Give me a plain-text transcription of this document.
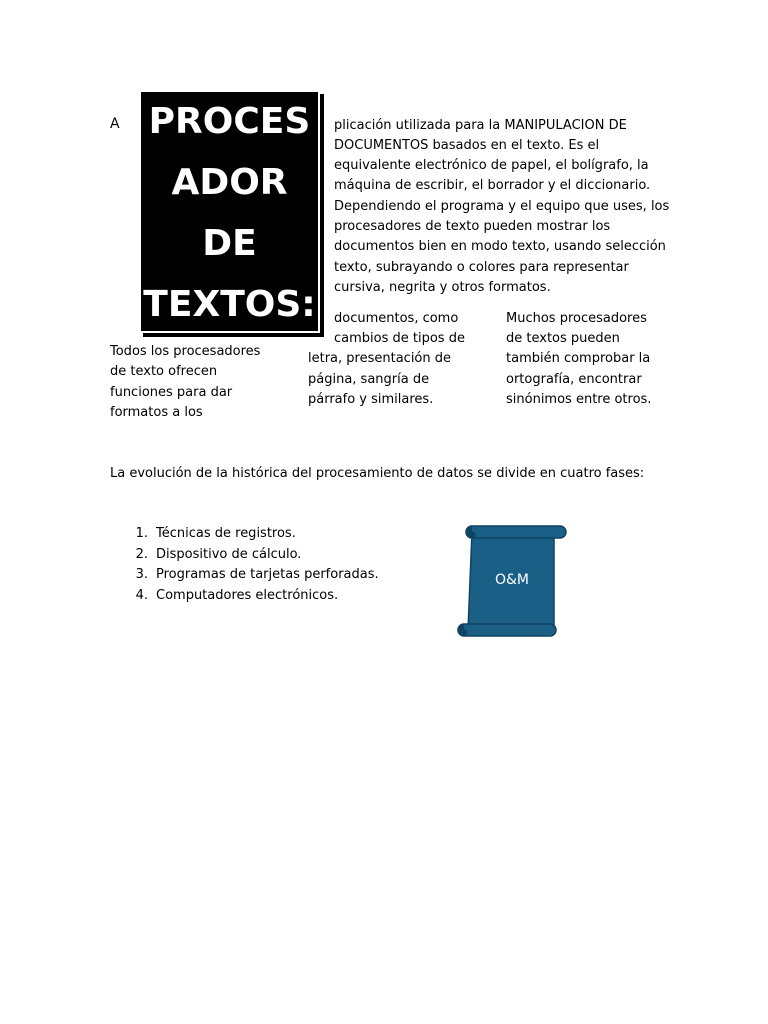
A PROCES
ADOR
DE
TEXTOS:
plicación utilizada para la MANIPULACION DE
DOCUMENTOS basados en el texto. Es el
equivalente electrónico de papel, el bolígrafo, la
máquina de escribir, el borrador y el diccionario.
Dependiendo el programa y el equipo que uses, los
procesadores de texto pueden mostrar los
documentos bien en modo texto, usando selección
texto, subrayando o colores para representar
cursiva, negrita y otros formatos.
Todos los procesadores
de texto ofrecen
funciones para dar
formatos a los
documentos, como
cambios de tipos de
letra, presentación de
página, sangría de
párrafo y similares.
Muchos procesadores
de textos pueden
también comprobar la
ortografía, encontrar
sinónimos entre otros.
La evolución de la histórica del procesamiento de datos se divide en cuatro fases:
1. Técnicas de registros.
2. Dispositivo de cálculo.
3. Programas de tarjetas perforadas.
4. Computadores electrónicos.
O&M
